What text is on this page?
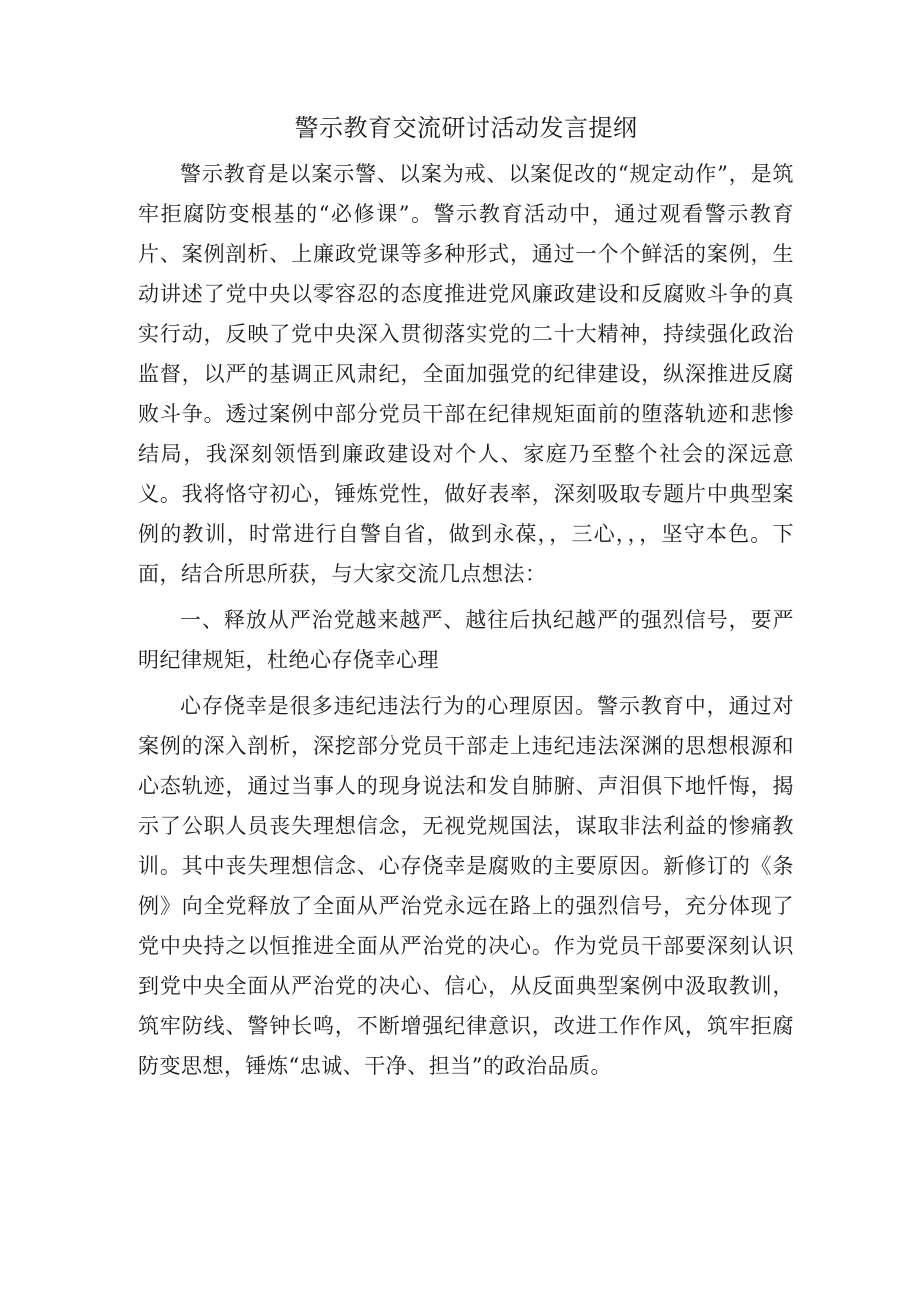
警示教育交流研讨活动发言提纲

警示教育是以案示警、以案为戒、以案促改的“规定动作”，是筑牢拒腐防变根基的“必修课”。警示教育活动中，通过观看警示教育片、案例剖析、上廉政党课等多种形式，通过一个个鲜活的案例，生动讲述了党中央以零容忍的态度推进党风廉政建设和反腐败斗争的真实行动，反映了党中央深入贯彻落实党的二十大精神，持续强化政治监督，以严的基调正风肃纪，全面加强党的纪律建设，纵深推进反腐败斗争。透过案例中部分党员干部在纪律规矩面前的堕落轨迹和悲惨结局，我深刻领悟到廉政建设对个人、家庭乃至整个社会的深远意义。我将恪守初心，锤炼党性，做好表率，深刻吸取专题片中典型案例的教训，时常进行自警自省，做到永葆，，三心，，，坚守本色。下面，结合所思所获，与大家交流几点想法：

一、释放从严治党越来越严、越往后执纪越严的强烈信号，要严明纪律规矩，杜绝心存侥幸心理

心存侥幸是很多违纪违法行为的心理原因。警示教育中，通过对案例的深入剖析，深挖部分党员干部走上违纪违法深渊的思想根源和心态轨迹，通过当事人的现身说法和发自肺腑、声泪俱下地忏悔，揭示了公职人员丧失理想信念，无视党规国法，谋取非法利益的惨痛教训。其中丧失理想信念、心存侥幸是腐败的主要原因。新修订的《条例》向全党释放了全面从严治党永远在路上的强烈信号，充分体现了党中央持之以恒推进全面从严治党的决心。作为党员干部要深刻认识到党中央全面从严治党的决心、信心，从反面典型案例中汲取教训，筑牢防线、警钟长鸣，不断增强纪律意识，改进工作作风，筑牢拒腐防变思想，锤炼“忠诚、干净、担当”的政治品质。
